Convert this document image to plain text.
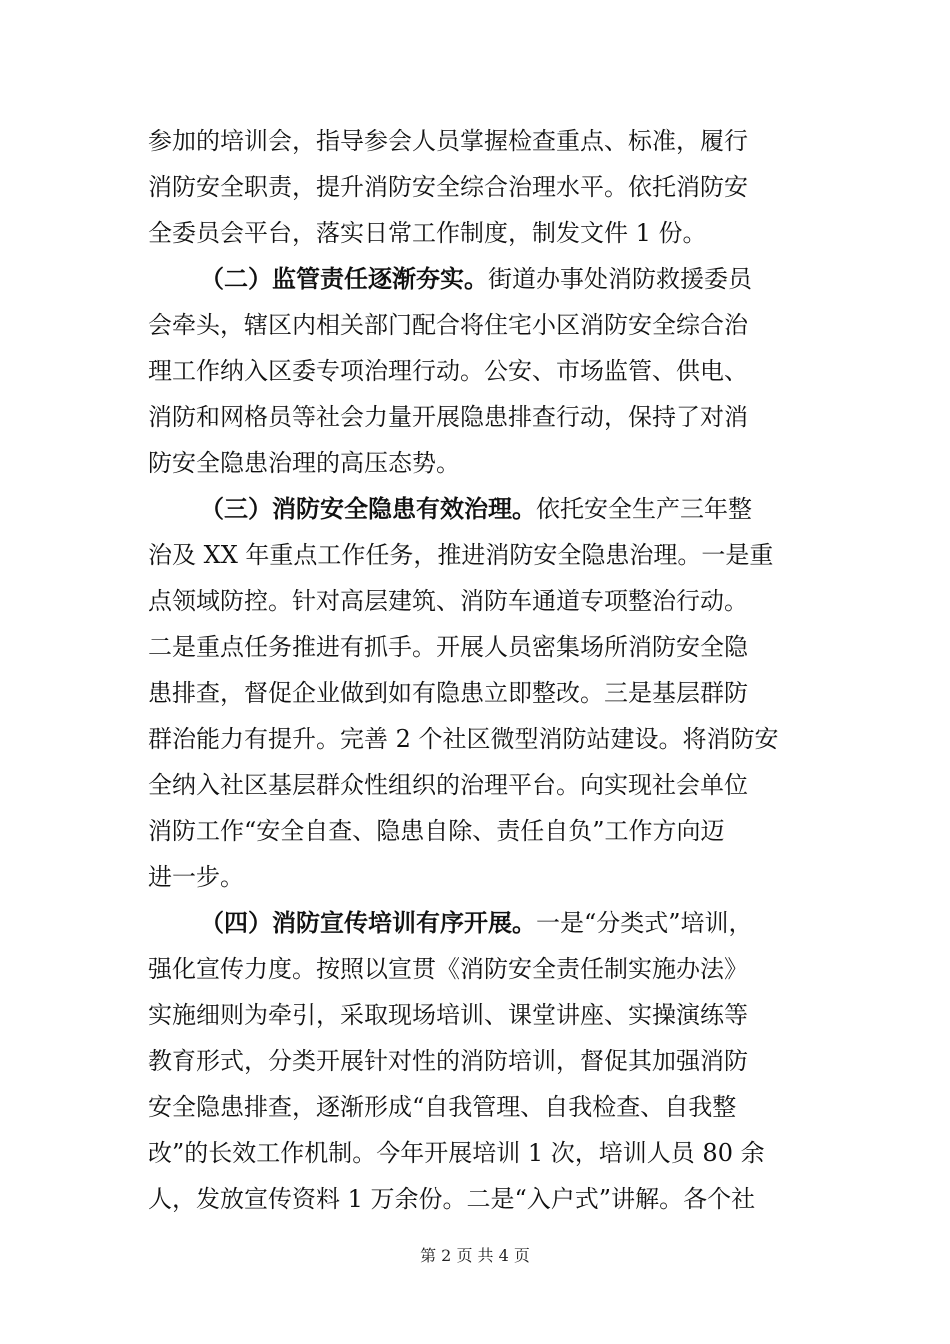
参加的培训会，指导参会人员掌握检查重点、标准，履行
消防安全职责，提升消防安全综合治理水平。依托消防安
全委员会平台，落实日常工作制度，制发文件 1 份。
（二）监管责任逐渐夯实。街道办事处消防救援委员
会牵头，辖区内相关部门配合将住宅小区消防安全综合治
理工作纳入区委专项治理行动。公安、市场监管、供电、
消防和网格员等社会力量开展隐患排查行动，保持了对消
防安全隐患治理的高压态势。
（三）消防安全隐患有效治理。依托安全生产三年整
治及 XX 年重点工作任务，推进消防安全隐患治理。一是重
点领域防控。针对高层建筑、消防车通道专项整治行动。
二是重点任务推进有抓手。开展人员密集场所消防安全隐
患排查，督促企业做到如有隐患立即整改。三是基层群防
群治能力有提升。完善 2 个社区微型消防站建设。将消防安
全纳入社区基层群众性组织的治理平台。向实现社会单位
消防工作“安全自查、隐患自除、责任自负”工作方向迈
进一步。
（四）消防宣传培训有序开展。一是“分类式”培训，
强化宣传力度。按照以宣贯《消防安全责任制实施办法》
实施细则为牵引，采取现场培训、课堂讲座、实操演练等
教育形式，分类开展针对性的消防培训，督促其加强消防
安全隐患排查，逐渐形成“自我管理、自我检查、自我整
改”的长效工作机制。今年开展培训 1 次，培训人员 80 余
人，发放宣传资料 1 万余份。二是“入户式”讲解。各个社
第 2 页 共 4 页
